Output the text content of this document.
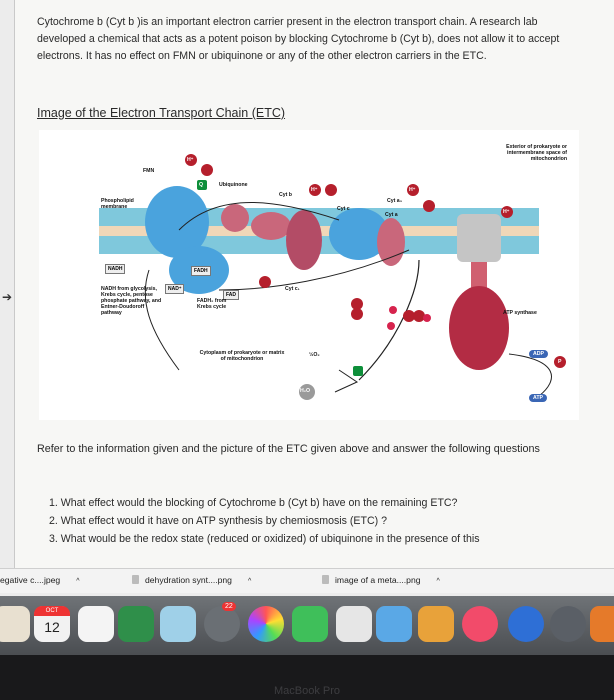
➔

Cytochrome b (Cyt b )is an important electron carrier present in the electron transport chain. A research lab developed a chemical that acts as a potent poison by blocking Cytochrome b (Cyt b), does not allow it to accept electrons. It has no effect on FMN or ubiquinone or any of the other electron carriers in the ETC.

Image of the Electron Transport Chain (ETC)
Exterior of prokaryote or intermembrane space of mitochondrion
Phospholipid membrane
FMN
Q	Ubiquinone
Cyt b
Cyt c
Cyt a
Cyt a₃
H⁺
H⁺	H⁺
H⁺
NADH	FADH
NAD⁺
FAD
Cyt c₁
NADH from glycolysis, Krebs cycle, pentose phosphate pathway, and Entner-Doudoroff pathway
FADH₂ from Krebs cycle
ATP synthase
Cytoplasm of prokaryote or matrix of mitochondrion
½O₂
H₂O
ADP
P
ATP

Refer to the information given and the picture of the ETC given above and answer the following questions

1. What effect would the blocking of Cytochrome b (Cyt b) have on the remaining ETC?
2. What effect would it have on ATP synthesis by chemiosmosis (ETC) ?
3. What would be the redox state (reduced or oxidized) of ubiquinone in the presence of this
egative c....jpeg ^	dehydration synt....png ^	image of a meta....png ^
OCT
12
22
MacBook Pro
